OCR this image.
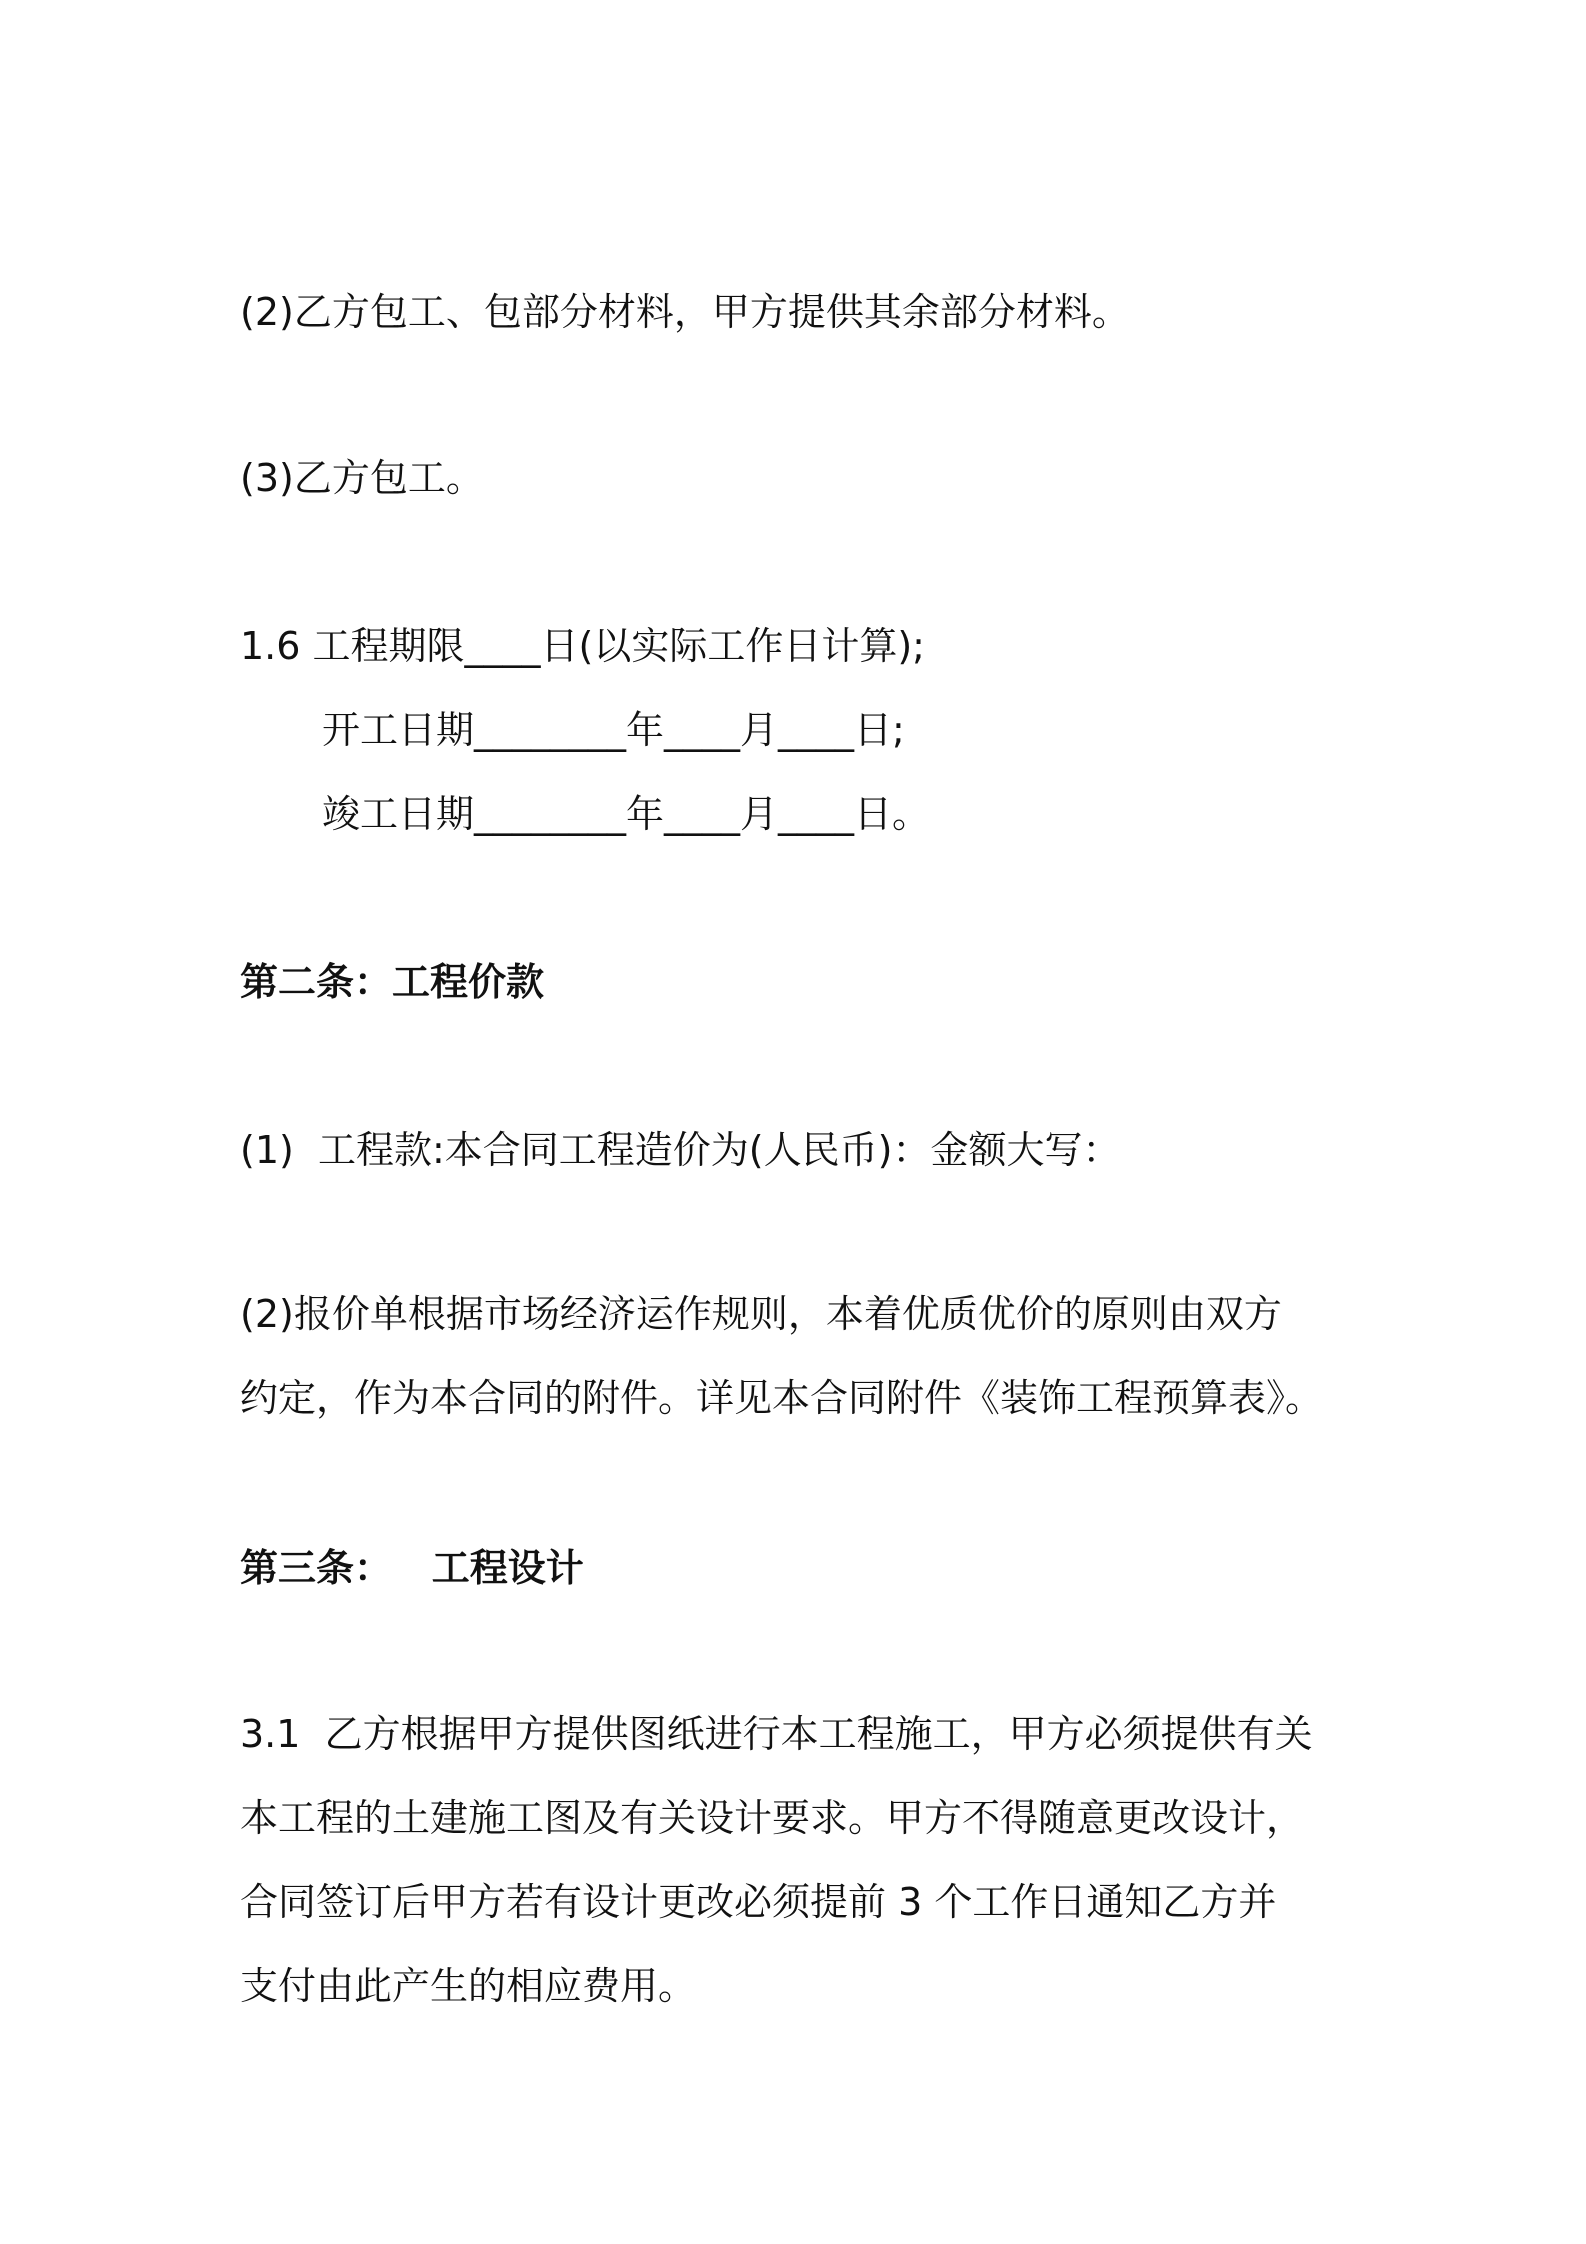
(2)乙方包工、包部分材料，甲方提供其余部分材料。

(3)乙方包工。

1.6 工程期限____日(以实际工作日计算);

开工日期________年____月____日;

竣工日期________年____月____日。

第二条：工程价款

(1)  工程款:本合同工程造价为(人民币)：金额大写：

(2)报价单根据市场经济运作规则，本着优质优价的原则由双方

约定，作为本合同的附件。详见本合同附件《装饰工程预算表》。

第三条：   工程设计

3.1  乙方根据甲方提供图纸进行本工程施工，甲方必须提供有关

本工程的土建施工图及有关设计要求。甲方不得随意更改设计，

合同签订后甲方若有设计更改必须提前 3 个工作日通知乙方并

支付由此产生的相应费用。
